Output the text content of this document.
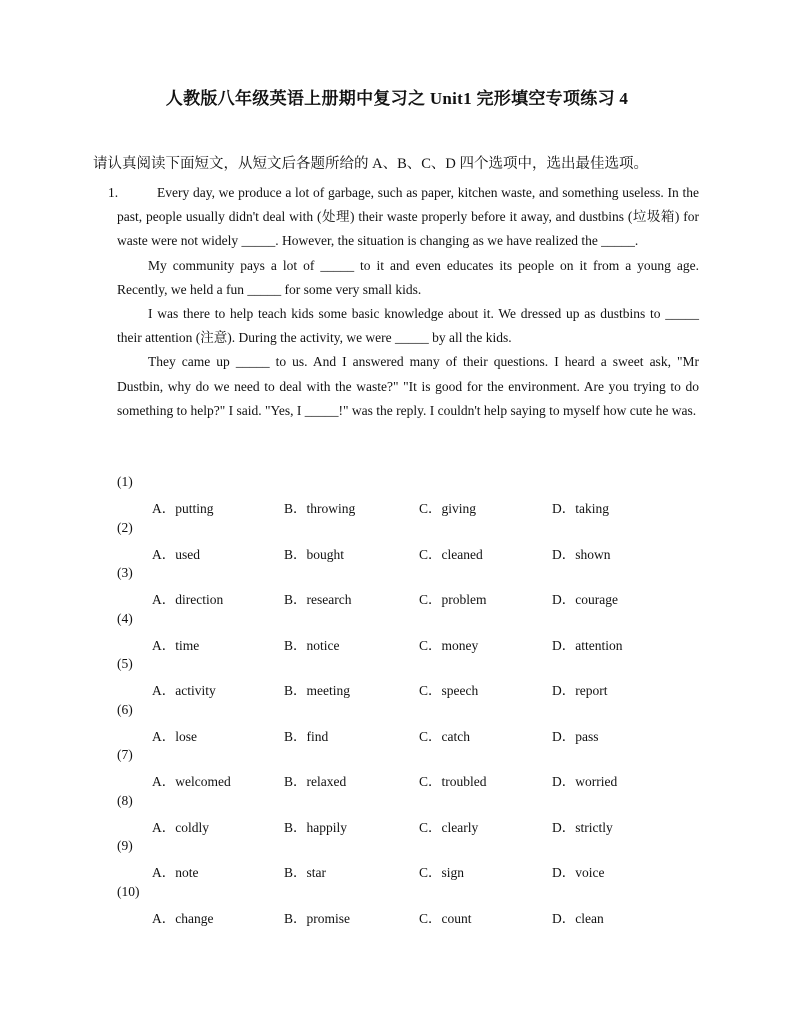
人教版八年级英语上册期中复习之 Unit1 完形填空专项练习 4
请认真阅读下面短文，从短文后各题所给的 A、B、C、D 四个选项中，选出最佳选项。
1.	Every day, we produce a lot of garbage, such as paper, kitchen waste, and something useless. In the past, people usually didn't deal with (处理) their waste properly before it away, and dustbins (垃圾箱) for waste were not widely _____. However, the situation is changing as we have realized the _____.

My community pays a lot of _____ to it and even educates its people on it from a young age. Recently, we held a fun _____ for some very small kids.

I was there to help teach kids some basic knowledge about it. We dressed up as dustbins to _____ their attention (注意). During the activity, we were _____ by all the kids.

They came up _____ to us. And I answered many of their questions. I heard a sweet ask, "Mr Dustbin, why do we need to deal with the waste?" "It is good for the environment. Are you trying to do something to help?" I said. "Yes, I _____!" was the reply. I couldn't help saying to myself how cute he was.

(1)
A．putting	B．throwing	C．giving	D．taking
(2)
A．used	B．bought	C．cleaned	D．shown
(3)
A．direction	B．research	C．problem	D．courage
(4)
A．time	B．notice	C．money	D．attention
(5)
A．activity	B．meeting	C．speech	D．report
(6)
A．lose	B．find	C．catch	D．pass
(7)
A．welcomed	B．relaxed	C．troubled	D．worried
(8)
A．coldly	B．happily	C．clearly	D．strictly
(9)
A．note	B．star	C．sign	D．voice
(10)
A．change	B．promise	C．count	D．clean
